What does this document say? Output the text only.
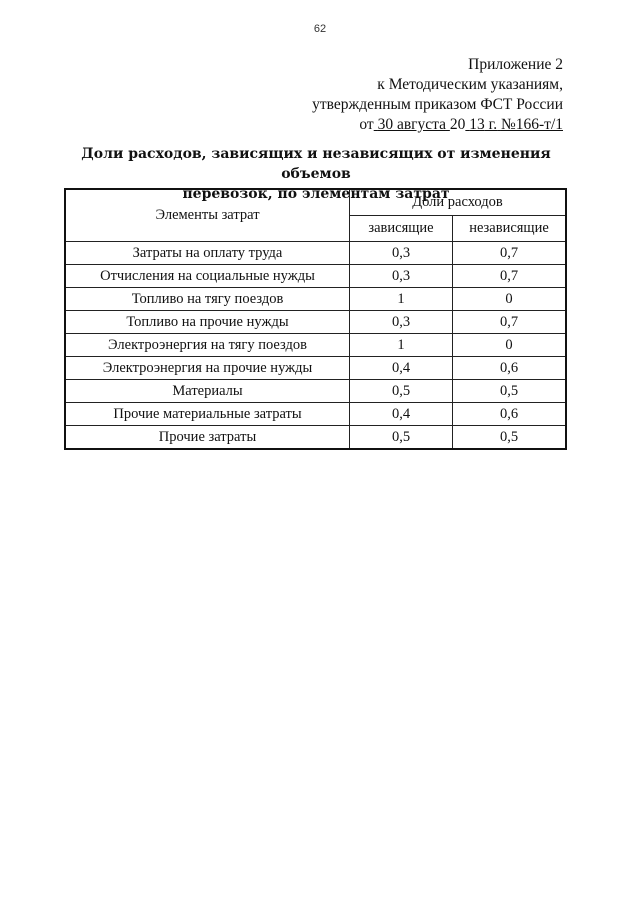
62
Приложение 2
к Методическим указаниям,
утвержденным приказом ФСТ России
от 30 августа 20 13 г. №166-т/1
Доли расходов, зависящих и независящих от изменения объемов
перевозок, по элементам затрат
Элементы затрат	Доли расходов	
	зависящие	независящие
Затраты на оплату труда	0,3	0,7
Отчисления на социальные нужды	0,3	0,7
Топливо на тягу поездов	1	0
Топливо на прочие нужды	0,3	0,7
Электроэнергия на тягу поездов	1	0
Электроэнергия на прочие нужды	0,4	0,6
Материалы	0,5	0,5
Прочие материальные затраты	0,4	0,6
Прочие затраты	0,5	0,5
